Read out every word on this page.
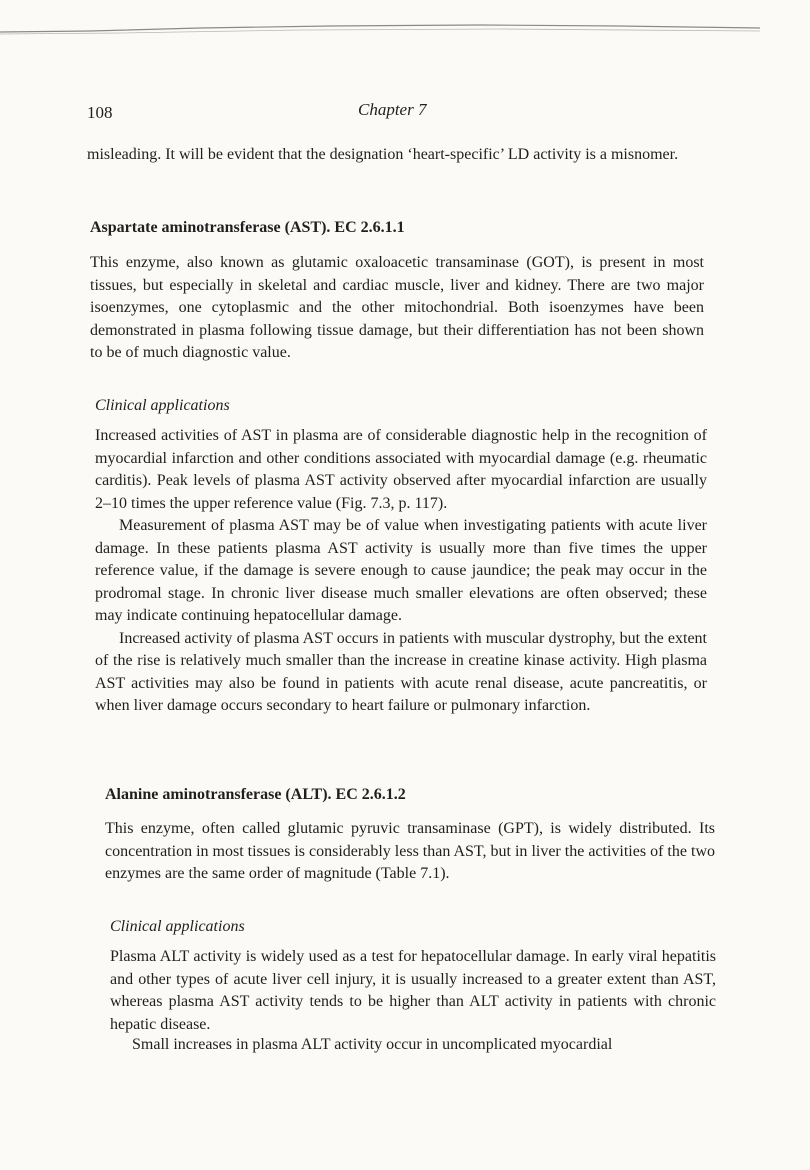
108	Chapter 7

misleading. It will be evident that the designation ‘heart-specific’ LD activity is a misnomer.

Aspartate aminotransferase (AST). EC 2.6.1.1

This enzyme, also known as glutamic oxaloacetic transaminase (GOT), is present in most tissues, but especially in skeletal and cardiac muscle, liver and kidney. There are two major isoenzymes, one cytoplasmic and the other mitochondrial. Both isoenzymes have been demonstrated in plasma following tissue damage, but their differentiation has not been shown to be of much diagnostic value.

Clinical applications

Increased activities of AST in plasma are of considerable diagnostic help in the recognition of myocardial infarction and other conditions associated with myocardial damage (e.g. rheumatic carditis). Peak levels of plasma AST activity observed after myocardial infarction are usually 2–10 times the upper reference value (Fig. 7.3, p. 117).

Measurement of plasma AST may be of value when investigating patients with acute liver damage. In these patients plasma AST activity is usually more than five times the upper reference value, if the damage is severe enough to cause jaundice; the peak may occur in the prodromal stage. In chronic liver disease much smaller elevations are often observed; these may indicate continuing hepatocellular damage.

Increased activity of plasma AST occurs in patients with muscular dystrophy, but the extent of the rise is relatively much smaller than the increase in creatine kinase activity. High plasma AST activities may also be found in patients with acute renal disease, acute pancreatitis, or when liver damage occurs secondary to heart failure or pulmonary infarction.

Alanine aminotransferase (ALT). EC 2.6.1.2

This enzyme, often called glutamic pyruvic transaminase (GPT), is widely distributed. Its concentration in most tissues is considerably less than AST, but in liver the activities of the two enzymes are the same order of magnitude (Table 7.1).

Clinical applications

Plasma ALT activity is widely used as a test for hepatocellular damage. In early viral hepatitis and other types of acute liver cell injury, it is usually increased to a greater extent than AST, whereas plasma AST activity tends to be higher than ALT activity in patients with chronic hepatic disease.

Small increases in plasma ALT activity occur in uncomplicated myocardial
